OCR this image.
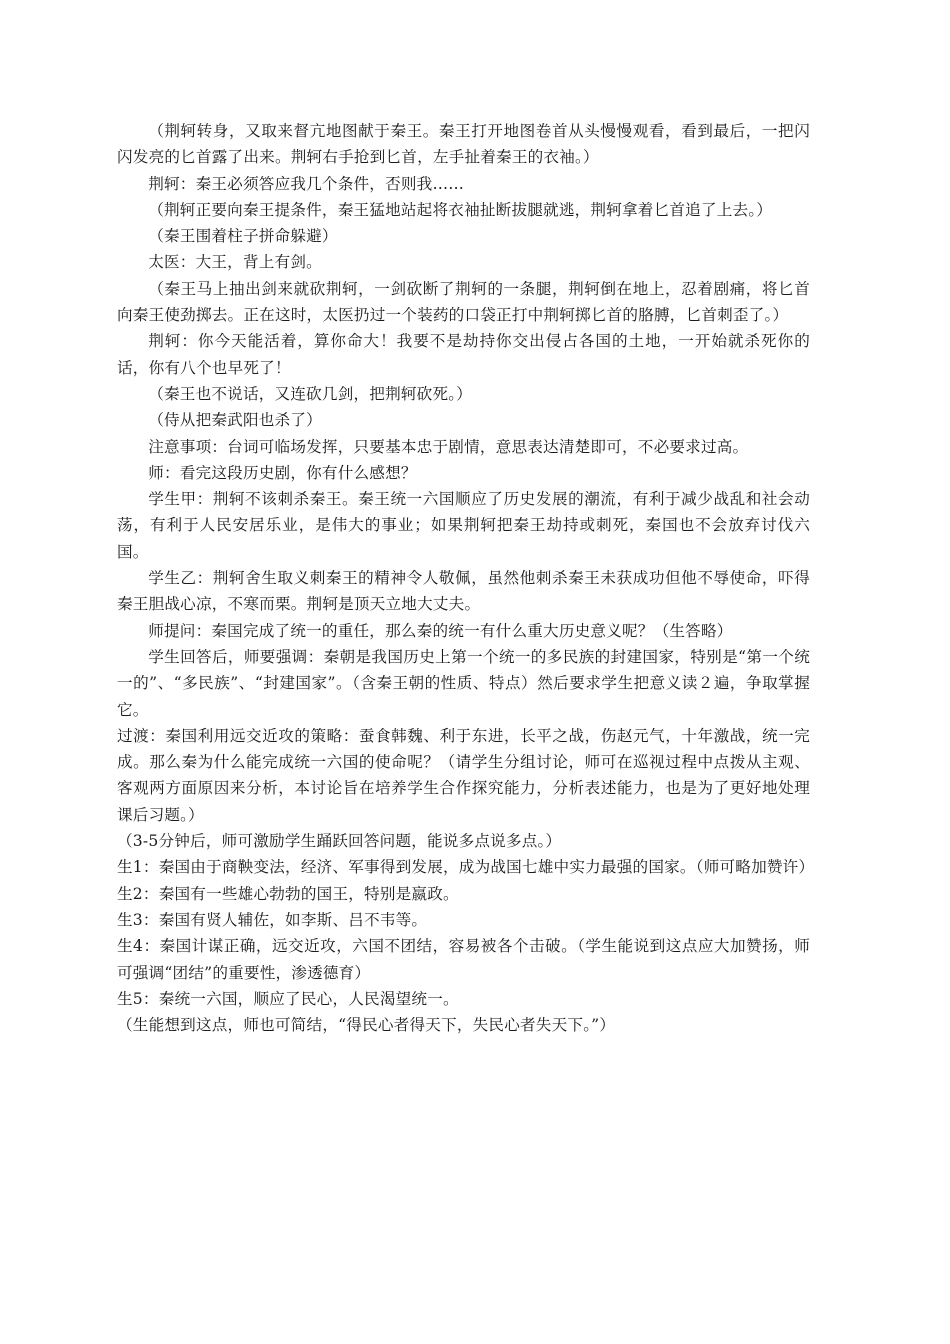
（荆轲转身，又取来督亢地图献于秦王。秦王打开地图卷首从头慢慢观看，看到最后，一把闪闪发亮的匕首露了出来。荆轲右手抢到匕首，左手扯着秦王的衣袖。）

荆轲：秦王必须答应我几个条件，否则我……

（荆轲正要向秦王提条件，秦王猛地站起将衣袖扯断拔腿就逃，荆轲拿着匕首追了上去。）

（秦王围着柱子拼命躲避）

太医：大王，背上有剑。

（秦王马上抽出剑来就砍荆轲，一剑砍断了荆轲的一条腿，荆轲倒在地上，忍着剧痛，将匕首向秦王使劲掷去。正在这时，太医扔过一个装药的口袋正打中荆轲掷匕首的胳膊，匕首刺歪了。）

荆轲：你今天能活着，算你命大！我要不是劫持你交出侵占各国的土地，一开始就杀死你的话，你有八个也早死了！

（秦王也不说话，又连砍几剑，把荆轲砍死。）

（侍从把秦武阳也杀了）

注意事项：台词可临场发挥，只要基本忠于剧情，意思表达清楚即可，不必要求过高。

师：看完这段历史剧，你有什么感想？

学生甲：荆轲不该刺杀秦王。秦王统一六国顺应了历史发展的潮流，有利于减少战乱和社会动荡，有利于人民安居乐业，是伟大的事业；如果荆轲把秦王劫持或刺死，秦国也不会放弃讨伐六国。

学生乙：荆轲舍生取义刺秦王的精神令人敬佩，虽然他刺杀秦王未获成功但他不辱使命，吓得秦王胆战心凉，不寒而栗。荆轲是顶天立地大丈夫。

师提问：秦国完成了统一的重任，那么秦的统一有什么重大历史意义呢？（生答略）

学生回答后，师要强调：秦朝是我国历史上第一个统一的多民族的封建国家，特别是“第一个统一的”、“多民族”、“封建国家”。（含秦王朝的性质、特点）然后要求学生把意义读２遍，争取掌握它。

过渡：秦国利用远交近攻的策略：蚕食韩魏、利于东进，长平之战，伤赵元气，十年激战，统一完成。那么秦为什么能完成统一六国的使命呢？（请学生分组讨论，师可在巡视过程中点拨从主观、客观两方面原因来分析，本讨论旨在培养学生合作探究能力，分析表述能力，也是为了更好地处理课后习题。）

（3-5分钟后，师可激励学生踊跃回答问题，能说多点说多点。）

生1：秦国由于商鞅变法，经济、军事得到发展，成为战国七雄中实力最强的国家。（师可略加赞许）

生2：秦国有一些雄心勃勃的国王，特别是嬴政。

生3：秦国有贤人辅佐，如李斯、吕不韦等。

生4：秦国计谋正确，远交近攻，六国不团结，容易被各个击破。（学生能说到这点应大加赞扬，师可强调“团结”的重要性，渗透德育）

生5：秦统一六国，顺应了民心，人民渴望统一。

（生能想到这点，师也可简结，“得民心者得天下，失民心者失天下。”）
